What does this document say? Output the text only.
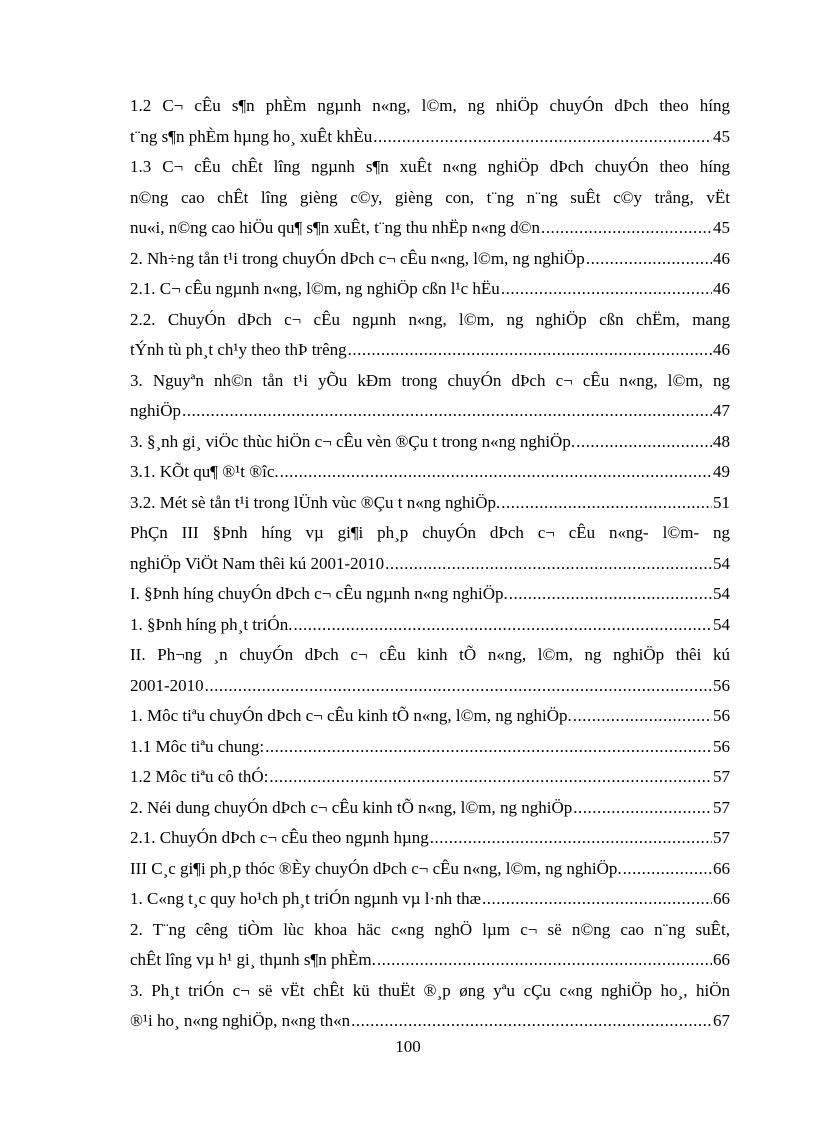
1.2 C¬ cÊu s¶n phÈm ngµnh n«ng, l©m, ng nhiÖp chuyÓn dÞch theo híng
t¨ng s¶n phÈm hµng ho¸ xuÊt khÈu .....	45
1.3 C¬ cÊu chÊt lîng ngµnh s¶n xuÊt n«ng nghiÖp dÞch chuyÓn theo híng
n©ng cao chÊt lîng gièng c©y, gièng con, t¨ng n¨ng suÊt c©y trång, vËt
nu«i, n©ng cao hiÖu qu¶ s¶n xuÊt, t¨ng thu nhËp n«ng d©n .....	45
2. Nh÷ng tån t¹i trong chuyÓn dÞch c¬ cÊu n«ng, l©m, ng nghiÖp .....	46
2.1. C¬ cÊu ngµnh n«ng, l©m, ng nghiÖp cßn l¹c hËu .....	46
2.2. ChuyÓn dÞch c¬ cÊu ngµnh n«ng, l©m, ng nghiÖp cßn chËm, mang
tÝnh tù ph¸t ch¹y theo thÞ trêng .....	46
3. Nguyªn nh©n tån t¹i yÕu kÐm trong chuyÓn dÞch c¬ cÊu n«ng, l©m, ng
nghiÖp .....	47
3. §¸nh gi¸ viÖc thùc hiÖn c¬ cÊu vèn ®Çu t trong n«ng nghiÖp. .....	48
3.1. KÕt qu¶ ®¹t ®îc. .....	49
3.2. Mét sè tån t¹i trong lÜnh vùc ®Çu t n«ng nghiÖp. .....	51
PhÇn III §Þnh híng vµ gi¶i ph¸p chuyÓn dÞch c¬ cÊu n«ng- l©m- ng
nghiÖp ViÖt Nam thêi kú 2001-2010 .....	54
I. §Þnh híng chuyÓn dÞch c¬ cÊu ngµnh n«ng nghiÖp. .....	54
1. §Þnh híng ph¸t triÓn. .....	54
II. Ph¬ng ¸n chuyÓn dÞch c¬ cÊu kinh tÕ n«ng, l©m, ng nghiÖp thêi kú
2001-2010 .....	56
1. Môc tiªu chuyÓn dÞch c¬ cÊu kinh tÕ n«ng, l©m, ng nghiÖp. .....	56
1.1 Môc tiªu chung: .....	56
1.2 Môc tiªu cô thÓ: .....	57
2. Néi dung chuyÓn dÞch c¬ cÊu kinh tÕ n«ng, l©m, ng nghiÖp .....	57
2.1. ChuyÓn dÞch c¬ cÊu theo ngµnh hµng .....	57
III C¸c gi¶i ph¸p thóc ®Èy chuyÓn dÞch c¬ cÊu n«ng, l©m, ng nghiÖp. .....	66
1. C«ng t¸c quy ho¹ch ph¸t triÓn ngµnh vµ l·nh thæ .....	66
2. T¨ng cêng tiÒm lùc khoa häc c«ng nghÖ lµm c¬ së n©ng cao n¨ng suÊt,
chÊt lîng vµ h¹ gi¸ thµnh s¶n phÈm. .....	66
3. Ph¸t triÓn c¬ së vËt chÊt kü thuËt ®¸p øng yªu cÇu c«ng nghiÖp ho¸, hiÖn
®¹i ho¸ n«ng nghiÖp, n«ng th«n .....	67
100
